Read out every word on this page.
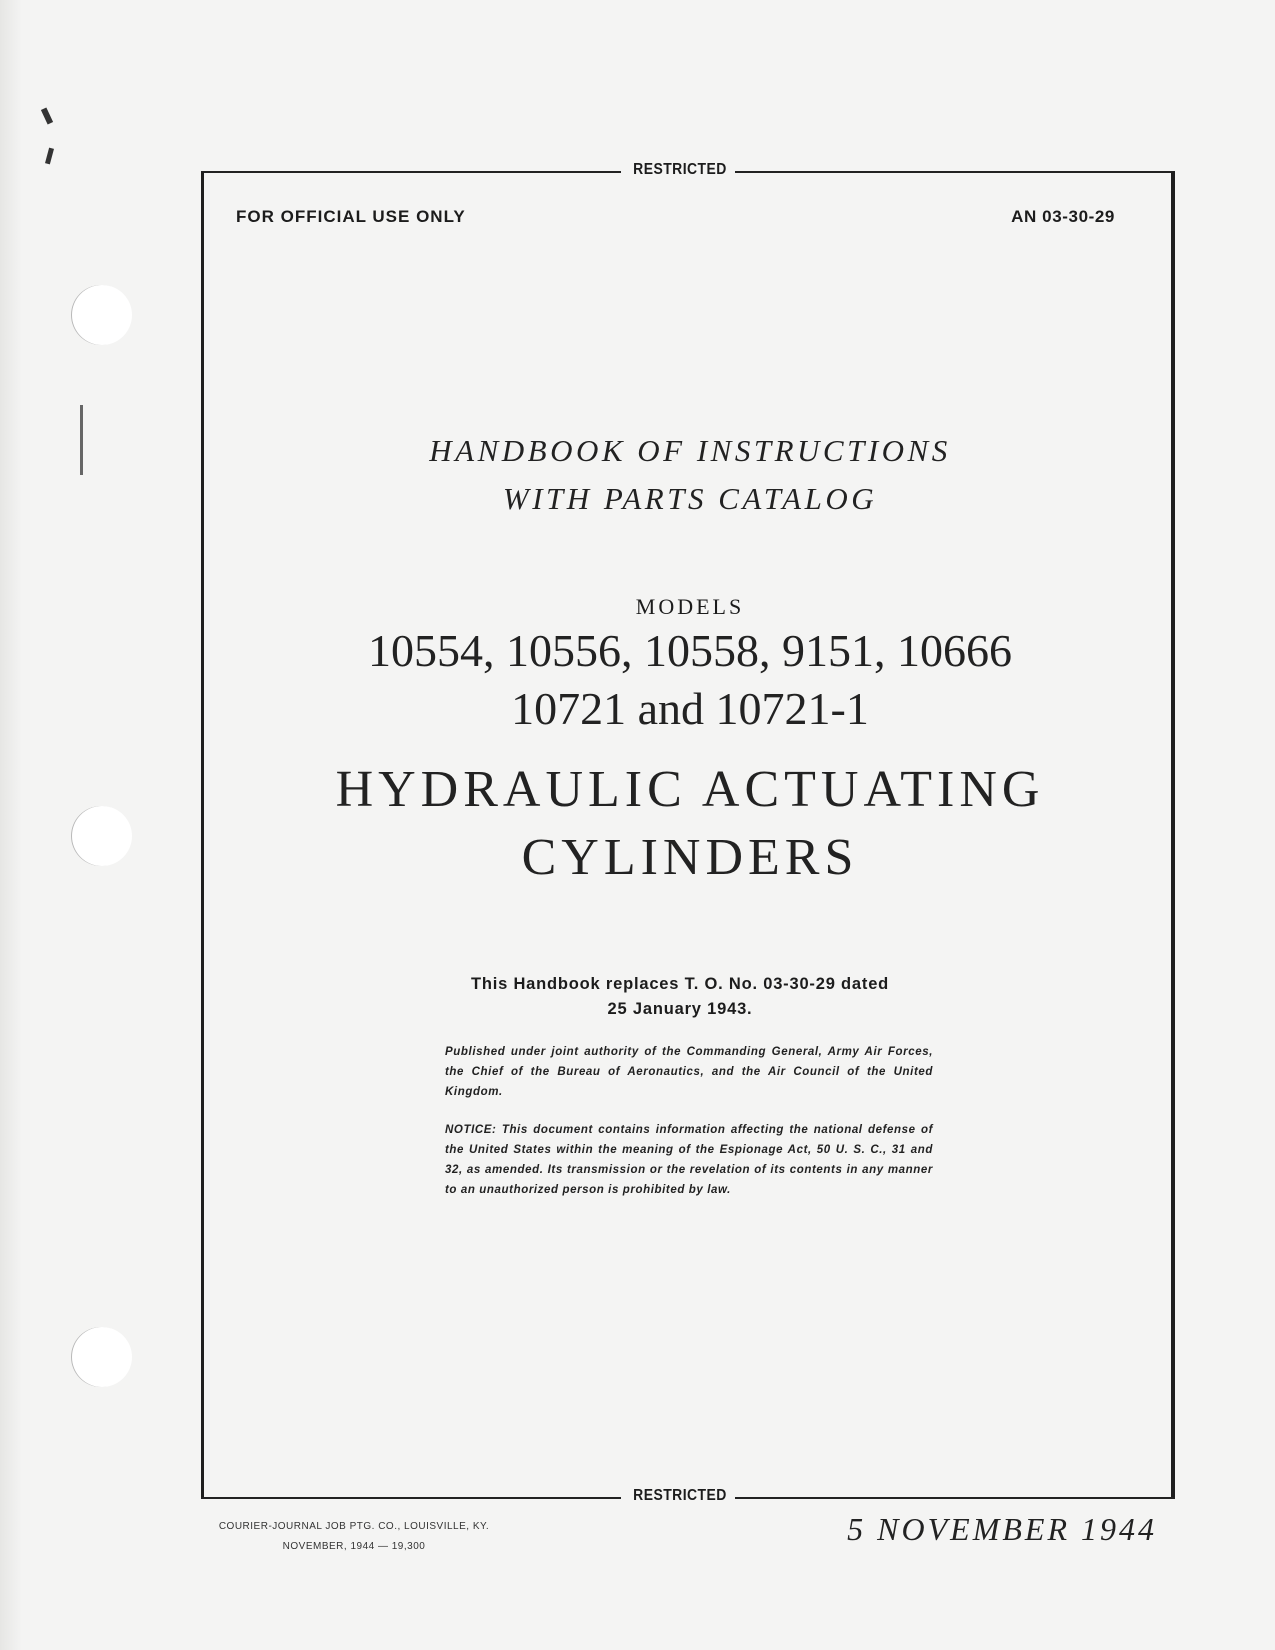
RESTRICTED
RESTRICTED
FOR OFFICIAL USE ONLY	AN 03-30-29
HANDBOOK OF INSTRUCTIONS
WITH PARTS CATALOG
MODELS
10554, 10556, 10558, 9151, 10666
10721 and 10721-1
HYDRAULIC ACTUATING
CYLINDERS
This Handbook replaces T. O. No. 03-30-29 dated
25 January 1943.
Published under joint authority of the Commanding General, Army Air Forces, the Chief of the Bureau of Aeronautics, and the Air Council of the United Kingdom.
NOTICE: This document contains information affecting the national defense of the United States within the meaning of the Espionage Act, 50 U. S. C., 31 and 32, as amended. Its transmission or the revelation of its contents in any manner to an unauthorized person is prohibited by law.
COURIER-JOURNAL JOB PTG. CO., LOUISVILLE, KY.
NOVEMBER, 1944 — 19,300	5 NOVEMBER 1944
